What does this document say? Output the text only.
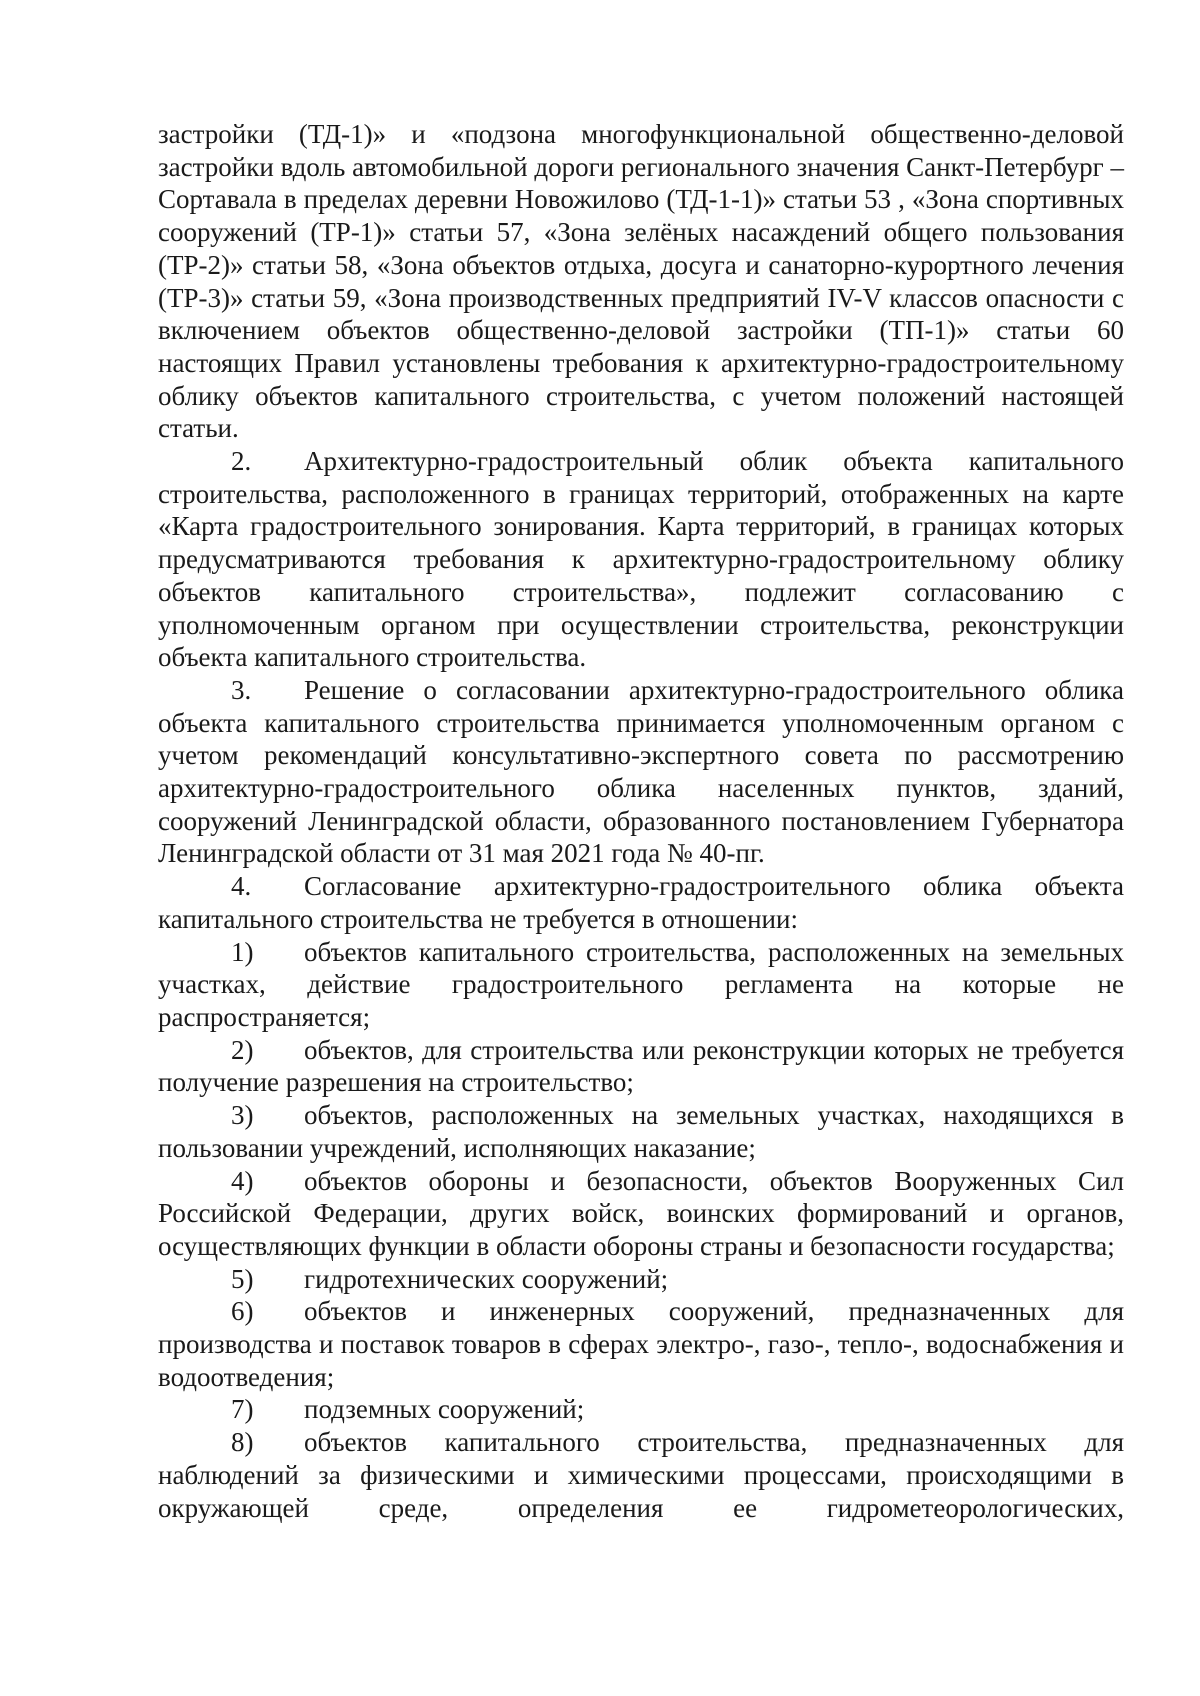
застройки (ТД-1)» и «подзона многофункциональной общественно-деловой застройки вдоль автомобильной дороги регионального значения Санкт-Петербург – Сортавала в пределах деревни Новожилово (ТД-1-1)» статьи 53 , «Зона спортивных сооружений (ТР-1)» статьи 57, «Зона зелёных насаждений общего пользования (ТР-2)» статьи 58, «Зона объектов отдыха, досуга и санаторно-курортного лечения (ТР-3)» статьи 59, «Зона производственных предприятий IV-V классов опасности с включением объектов общественно-деловой застройки (ТП-1)» статьи 60 настоящих Правил установлены требования к архитектурно-градостроительному облику объектов капитального строительства, с учетом положений настоящей статьи.

2. Архитектурно-градостроительный облик объекта капитального строительства, расположенного в границах территорий, отображенных на карте «Карта градостроительного зонирования. Карта территорий, в границах которых предусматриваются требования к архитектурно-градостроительному облику объектов капитального строительства», подлежит согласованию с уполномоченным органом при осуществлении строительства, реконструкции объекта капитального строительства.

3. Решение о согласовании архитектурно-градостроительного облика объекта капитального строительства принимается уполномоченным органом с учетом рекомендаций консультативно-экспертного совета по рассмотрению архитектурно-градостроительного облика населенных пунктов, зданий, сооружений Ленинградской области, образованного постановлением Губернатора Ленинградской области от 31 мая 2021 года № 40-пг.

4. Согласование архитектурно-градостроительного облика объекта капитального строительства не требуется в отношении:

1) объектов капитального строительства, расположенных на земельных участках, действие градостроительного регламента на которые не распространяется;

2) объектов, для строительства или реконструкции которых не требуется получение разрешения на строительство;

3) объектов, расположенных на земельных участках, находящихся в пользовании учреждений, исполняющих наказание;

4) объектов обороны и безопасности, объектов Вооруженных Сил Российской Федерации, других войск, воинских формирований и органов, осуществляющих функции в области обороны страны и безопасности государства;

5) гидротехнических сооружений;

6) объектов и инженерных сооружений, предназначенных для производства и поставок товаров в сферах электро-, газо-, тепло-, водоснабжения и водоотведения;

7) подземных сооружений;

8) объектов капитального строительства, предназначенных для наблюдений за физическими и химическими процессами, происходящими в окружающей среде, определения ее гидрометеорологических,
